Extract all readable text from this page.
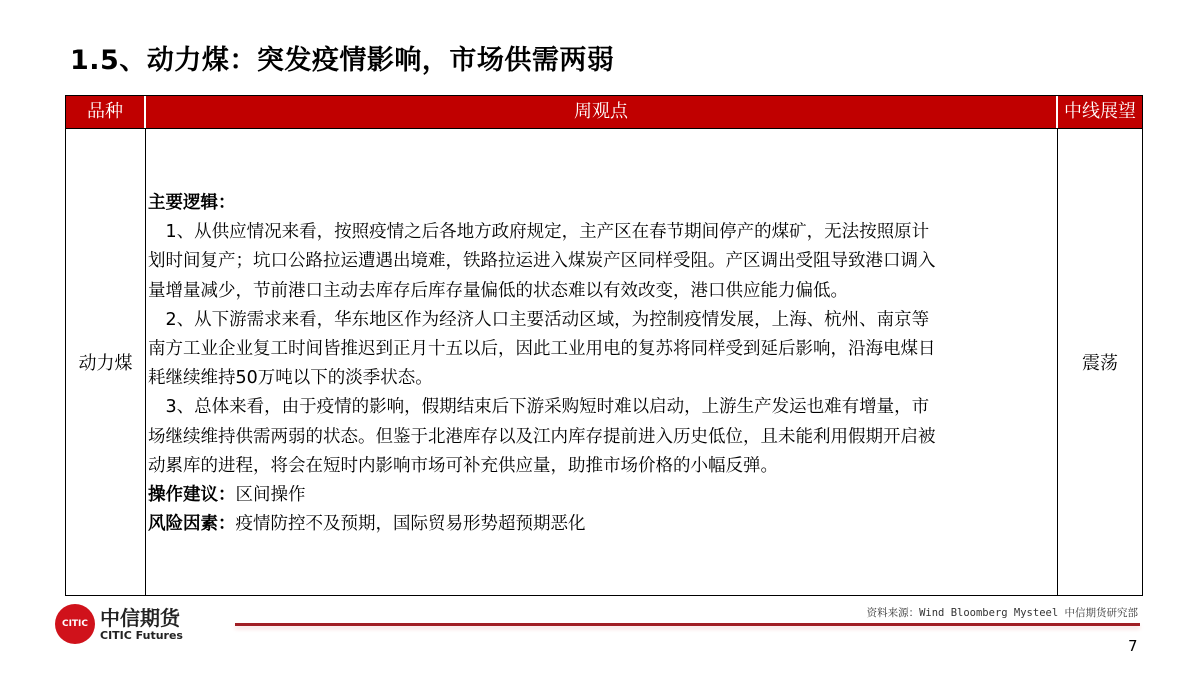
1.5、动力煤：突发疫情影响，市场供需两弱
品种	周观点	中线展望
动力煤
主要逻辑：
　1、从供应情况来看，按照疫情之后各地方政府规定，主产区在春节期间停产的煤矿，无法按照原计
划时间复产；坑口公路拉运遭遇出境难，铁路拉运进入煤炭产区同样受阻。产区调出受阻导致港口调入
量增量减少，节前港口主动去库存后库存量偏低的状态难以有效改变，港口供应能力偏低。
　2、从下游需求来看，华东地区作为经济人口主要活动区域，为控制疫情发展，上海、杭州、南京等
南方工业企业复工时间皆推迟到正月十五以后，因此工业用电的复苏将同样受到延后影响，沿海电煤日
耗继续维持50万吨以下的淡季状态。
　3、总体来看，由于疫情的影响，假期结束后下游采购短时难以启动，上游生产发运也难有增量，市
场继续维持供需两弱的状态。但鉴于北港库存以及江内库存提前进入历史低位，且未能利用假期开启被
动累库的进程，将会在短时内影响市场可补充供应量，助推市场价格的小幅反弹。
操作建议：区间操作
风险因素：疫情防控不及预期，国际贸易形势超预期恶化
震荡
CITIC 中信期货
CITIC Futures
资料来源：Wind Bloomberg Mysteel 中信期货研究部
7
